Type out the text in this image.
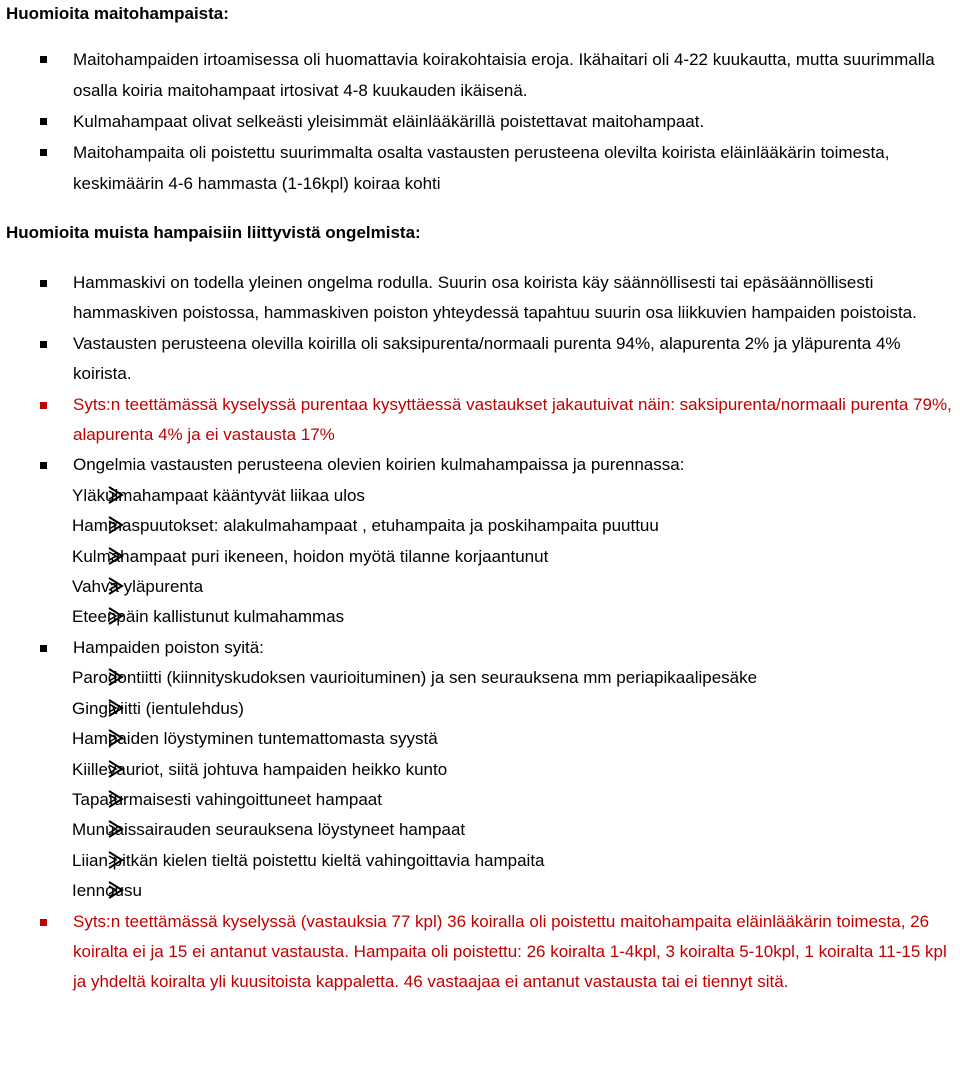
Huomioita maitohampaista:
Maitohampaiden irtoamisessa oli huomattavia koirakohtaisia eroja. Ikähaitari oli 4-22 kuukautta, mutta suurimmalla osalla koiria maitohampaat irtosivat 4-8 kuukauden ikäisenä.
Kulmahampaat olivat selkeästi yleisimmät eläinlääkärillä poistettavat maitohampaat.
Maitohampaita oli poistettu suurimmalta osalta vastausten perusteena olevilta koirista eläinlääkärin toimesta, keskimäärin 4-6 hammasta (1-16kpl) koiraa kohti
Huomioita muista hampaisiin liittyvistä ongelmista:
Hammaskivi on todella yleinen ongelma rodulla. Suurin osa koirista käy säännöllisesti tai epäsäännöllisesti hammaskiven poistossa, hammaskiven poiston yhteydessä tapahtuu suurin osa liikkuvien hampaiden poistoista.
Vastausten perusteena olevilla koirilla oli saksipurenta/normaali purenta 94%, alapurenta 2% ja yläpurenta 4% koirista.
Syts:n teettämässä kyselyssä purentaa kysyttäessä vastaukset jakautuivat näin: saksipurenta/normaali purenta 79%, alapurenta 4% ja ei vastausta 17%
Ongelmia vastausten perusteena olevien koirien kulmahampaissa ja purennassa:
Yläkulmahampaat kääntyvät liikaa ulos
Hammaspuutokset: alakulmahampaat , etuhampaita ja poskihampaita puuttuu
Kulmahampaat puri ikeneen, hoidon myötä tilanne korjaantunut
Vahva yläpurenta
Eteenpäin kallistunut kulmahammas
Hampaiden poiston syitä:
Parodontiitti (kiinnityskudoksen vaurioituminen) ja sen seurauksena mm periapikaalipesäke
Gingiviitti (ientulehdus)
Hampaiden löystyminen tuntemattomasta syystä
Kiillevauriot, siitä johtuva hampaiden heikko kunto
Tapaturmaisesti vahingoittuneet hampaat
Munuaissairauden seurauksena löystyneet hampaat
Liian pitkän kielen tieltä poistettu kieltä vahingoittavia hampaita
Iennousu
Syts:n teettämässä kyselyssä (vastauksia 77 kpl) 36 koiralla oli poistettu maitohampaita eläinlääkärin toimesta, 26 koiralta ei ja 15 ei antanut vastausta. Hampaita oli poistettu: 26 koiralta 1-4kpl, 3 koiralta 5-10kpl, 1 koiralta 11-15 kpl ja yhdeltä koiralta yli kuusitoista kappaletta. 46 vastaajaa ei antanut vastausta tai ei tiennyt sitä.
